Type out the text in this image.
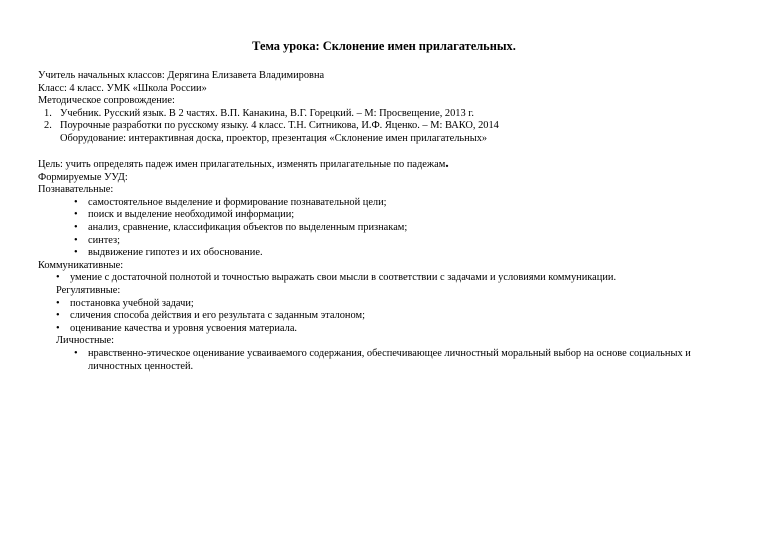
Тема урока: Склонение имен прилагательных.
Учитель начальных классов: Дерягина Елизавета Владимировна
Класс: 4 класс. УМК «Школа России»
Методическое сопровождение:
1. Учебник. Русский язык. В 2 частях. В.П. Канакина, В.Г. Горецкий. – М: Просвещение, 2013 г.
2. Поурочные разработки по русскому языку. 4 класс. Т.Н. Ситникова, И.Ф. Яценко. – М: ВАКО, 2014
Оборудование: интерактивная доска, проектор, презентация «Склонение имен прилагательных»
Цель: учить определять падеж имен прилагательных, изменять прилагательные по падежам.
Формируемые УУД:
Познавательные:
• самостоятельное выделение и формирование познавательной цели;
• поиск и выделение необходимой информации;
• анализ, сравнение, классификация объектов по выделенным признакам;
• синтез;
• выдвижение гипотез и их обоснование.
Коммуникативные:
• умение с достаточной полнотой и точностью выражать свои мысли в соответствии с задачами и условиями коммуникации.
Регулятивные:
• постановка учебной задачи;
• сличения способа действия и его результата с заданным эталоном;
• оценивание качества и уровня усвоения материала.
Личностные:
• нравственно-этическое оценивание усваиваемого содержания, обеспечивающее личностный моральный выбор на основе социальных и личностных ценностей.
